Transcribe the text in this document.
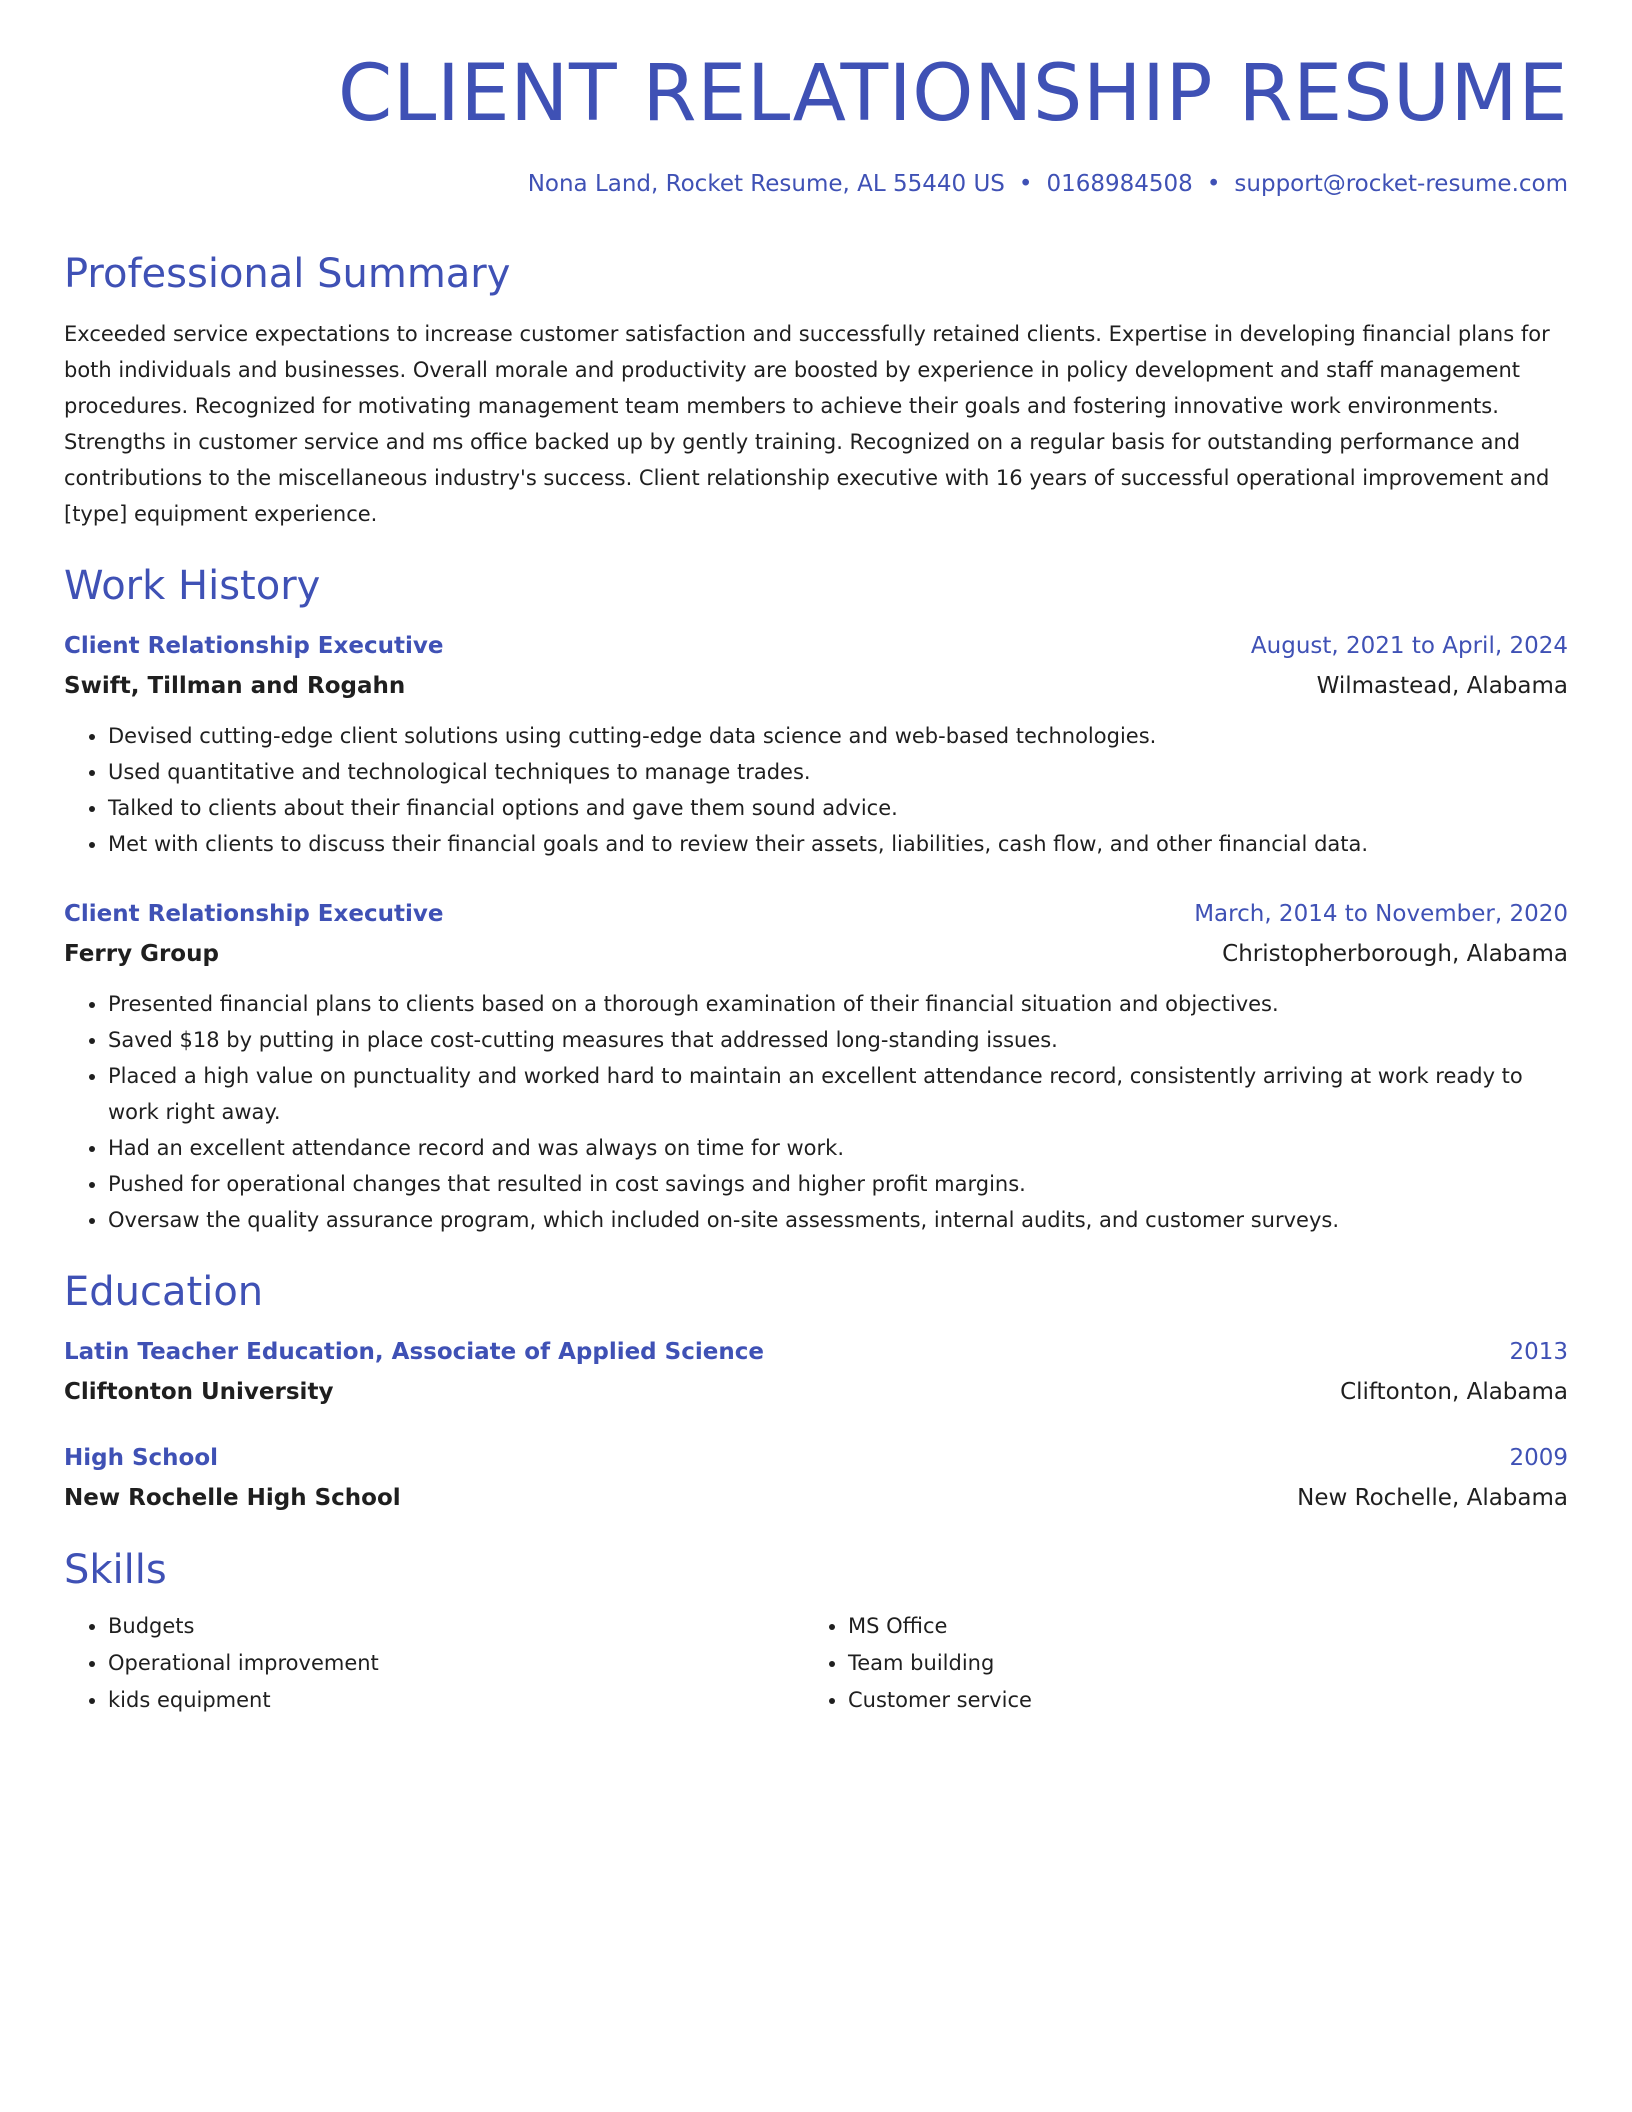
CLIENT RELATIONSHIP RESUME
Nona Land, Rocket Resume, AL 55440 US • 0168984508 • support@rocket-resume.com
Professional Summary
Exceeded service expectations to increase customer satisfaction and successfully retained clients. Expertise in developing financial plans for both individuals and businesses. Overall morale and productivity are boosted by experience in policy development and staff management procedures. Recognized for motivating management team members to achieve their goals and fostering innovative work environments. Strengths in customer service and ms office backed up by gently training. Recognized on a regular basis for outstanding performance and contributions to the miscellaneous industry's success. Client relationship executive with 16 years of successful operational improvement and [type] equipment experience.
Work History
Client Relationship Executive	August, 2021 to April, 2024
Swift, Tillman and Rogahn	Wilmastead, Alabama
• Devised cutting-edge client solutions using cutting-edge data science and web-based technologies.
• Used quantitative and technological techniques to manage trades.
• Talked to clients about their financial options and gave them sound advice.
• Met with clients to discuss their financial goals and to review their assets, liabilities, cash flow, and other financial data.
Client Relationship Executive	March, 2014 to November, 2020
Ferry Group	Christopherborough, Alabama
• Presented financial plans to clients based on a thorough examination of their financial situation and objectives.
• Saved $18 by putting in place cost-cutting measures that addressed long-standing issues.
• Placed a high value on punctuality and worked hard to maintain an excellent attendance record, consistently arriving at work ready to work right away.
• Had an excellent attendance record and was always on time for work.
• Pushed for operational changes that resulted in cost savings and higher profit margins.
• Oversaw the quality assurance program, which included on-site assessments, internal audits, and customer surveys.
Education
Latin Teacher Education, Associate of Applied Science	2013
Cliftonton University	Cliftonton, Alabama
High School	2009
New Rochelle High School	New Rochelle, Alabama
Skills
• Budgets
• Operational improvement
• kids equipment
• MS Office
• Team building
• Customer service
